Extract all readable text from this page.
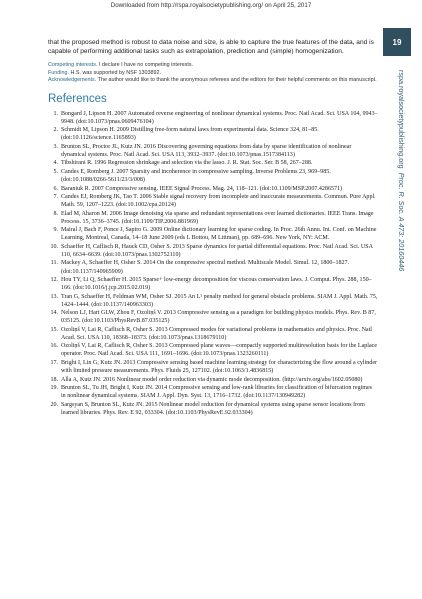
Downloaded from http://rspa.royalsocietypublishing.org/ on April 25, 2017
19
rspa.royalsocietypublishing.orgProc. R. Soc. A 473: 20160446

that the proposed method is robust to data noise and size, is able to capture the true features of the data, and is capable of performing additional tasks such as extrapolation, prediction and (simple) homogenization.

Competing interests. I declare I have no competing interests.

Funding. H.S. was supported by NSF 1303892.

Acknowledgements. The author would like to thank the anonymous referees and the editors for their helpful comments on this manuscript.

References
1. Bongard J, Lipson H. 2007 Automated reverse engineering of nonlinear dynamical systems. Proc. Natl Acad. Sci. USA 104, 9943–9948. (doi:10.1073/pnas.0609476104)
2. Schmidt M, Lipson H. 2009 Distilling free-form natural laws from experimental data. Science 324, 81–85. (doi:10.1126/science.1165893)
3. Brunton SL, Proctor JL, Kutz JN. 2016 Discovering governing equations from data by sparse identification of nonlinear dynamical systems. Proc. Natl Acad. Sci. USA 113, 3932–3937. (doi:10.1073/pnas.1517384113)
4. Tibshirani R. 1996 Regression shrinkage and selection via the lasso. J. R. Stat. Soc. Ser. B 58, 267–288.
5. Candes E, Romberg J. 2007 Sparsity and incoherence in compressive sampling. Inverse Problems 23, 969–985. (doi:10.1088/0266-5611/23/3/008)
6. Baraniuk R. 2007 Compressive sensing. IEEE Signal Process. Mag. 24, 118–121. (doi:10.1109/MSP.2007.4286571)
7. Candes EJ, Romberg JK, Tao T. 2006 Stable signal recovery from incomplete and inaccurate measurements. Commun. Pure Appl. Math. 59, 1207–1223. (doi:10.1002/cpa.20124)
8. Elad M, Aharon M. 2006 Image denoising via sparse and redundant representations over learned dictionaries. IEEE Trans. Image Process. 15, 3736–3745. (doi:10.1109/TIP.2006.881969)
9. Mairal J, Bach F, Ponce J, Sapiro G. 2009 Online dictionary learning for sparse coding. In Proc. 26th Annu. Int. Conf. on Machine Learning, Montreal, Canada, 14–18 June 2009 (eds L Bottou, M Littman), pp. 689–696. New York, NY: ACM.
10. Schaeffer H, Caflisch R, Hauck CD, Osher S. 2013 Sparse dynamics for partial differential equations. Proc. Natl Acad. Sci. USA 110, 6634–6639. (doi:10.1073/pnas.1302752110)
11. Mackey A, Schaeffer H, Osher S. 2014 On the compressive spectral method. Multiscale Model. Simul. 12, 1800–1827. (doi:10.1137/140965909)
12. Hou TY, Li Q, Schaeffer H. 2015 Sparse+ low-energy decomposition for viscous conservation laws. J. Comput. Phys. 288, 150–166. (doi:10.1016/j.jcp.2015.02.019)
13. Tran G, Schaeffer H, Feldman WM, Osher SJ. 2015 An L¹ penalty method for general obstacle problems. SIAM J. Appl. Math. 75, 1424–1444. (doi:10.1137/140963303)
14. Nelson LJ, Hart GLW, Zhou F, Ozoliņš V. 2013 Compressive sensing as a paradigm for building physics models. Phys. Rev. B 87, 035125. (doi:10.1103/PhysRevB.87.035125)
15. Ozoliņš V, Lai R, Caflisch R, Osher S. 2013 Compressed modes for variational problems in mathematics and physics. Proc. Natl Acad. Sci. USA 110, 18368–18373. (doi:10.1073/pnas.1318679110)
16. Ozoliņš V, Lai R, Caflisch R, Osher S. 2013 Compressed plane waves—compactly supported multiresolution basis for the Laplace operator. Proc. Natl Acad. Sci. USA 111, 1691–1696. (doi:10.1073/pnas.1323260111)
17. Bright I, Lin G, Kutz JN. 2013 Compressive sensing based machine learning strategy for characterizing the flow around a cylinder with limited pressure measurements. Phys. Fluids 25, 127102. (doi:10.1063/1.4836815)
18. Alla A, Kutz JN. 2016 Nonlinear model order reduction via dynamic mode decomposition. (http://arxiv.org/abs/1602.05080)
19. Brunton SL, Tu JH, Bright I, Kutz JN. 2014 Compressive sensing and low-rank libraries for classification of bifurcation regimes in nonlinear dynamical systems. SIAM J. Appl. Dyn. Syst. 13, 1716–1732. (doi:10.1137/130949282)
20. Sargsyan S, Brunton SL, Kutz JN. 2015 Nonlinear model reduction for dynamical systems using sparse sensor locations from learned libraries. Phys. Rev. E 92, 033304. (doi:10.1103/PhysRevE.92.033304)
